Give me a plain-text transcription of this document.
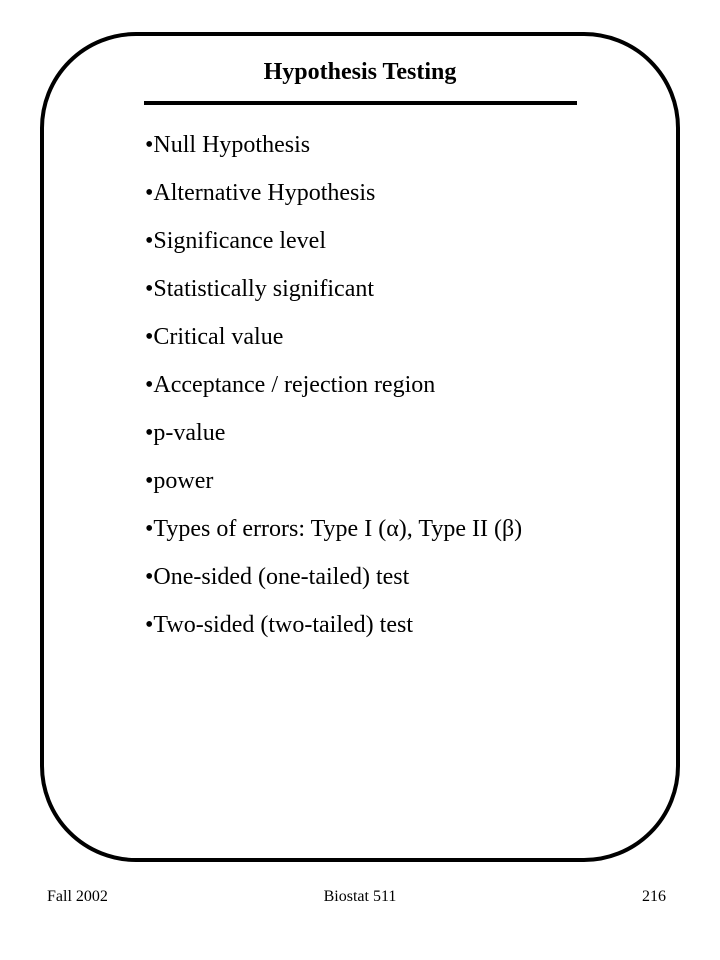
Hypothesis Testing
•Null Hypothesis
•Alternative Hypothesis
•Significance level
•Statistically significant
•Critical value
•Acceptance / rejection region
•p-value
•power
•Types of errors: Type I (α), Type II (β)
•One-sided (one-tailed) test
•Two-sided (two-tailed) test
Fall 2002	Biostat 511	216
